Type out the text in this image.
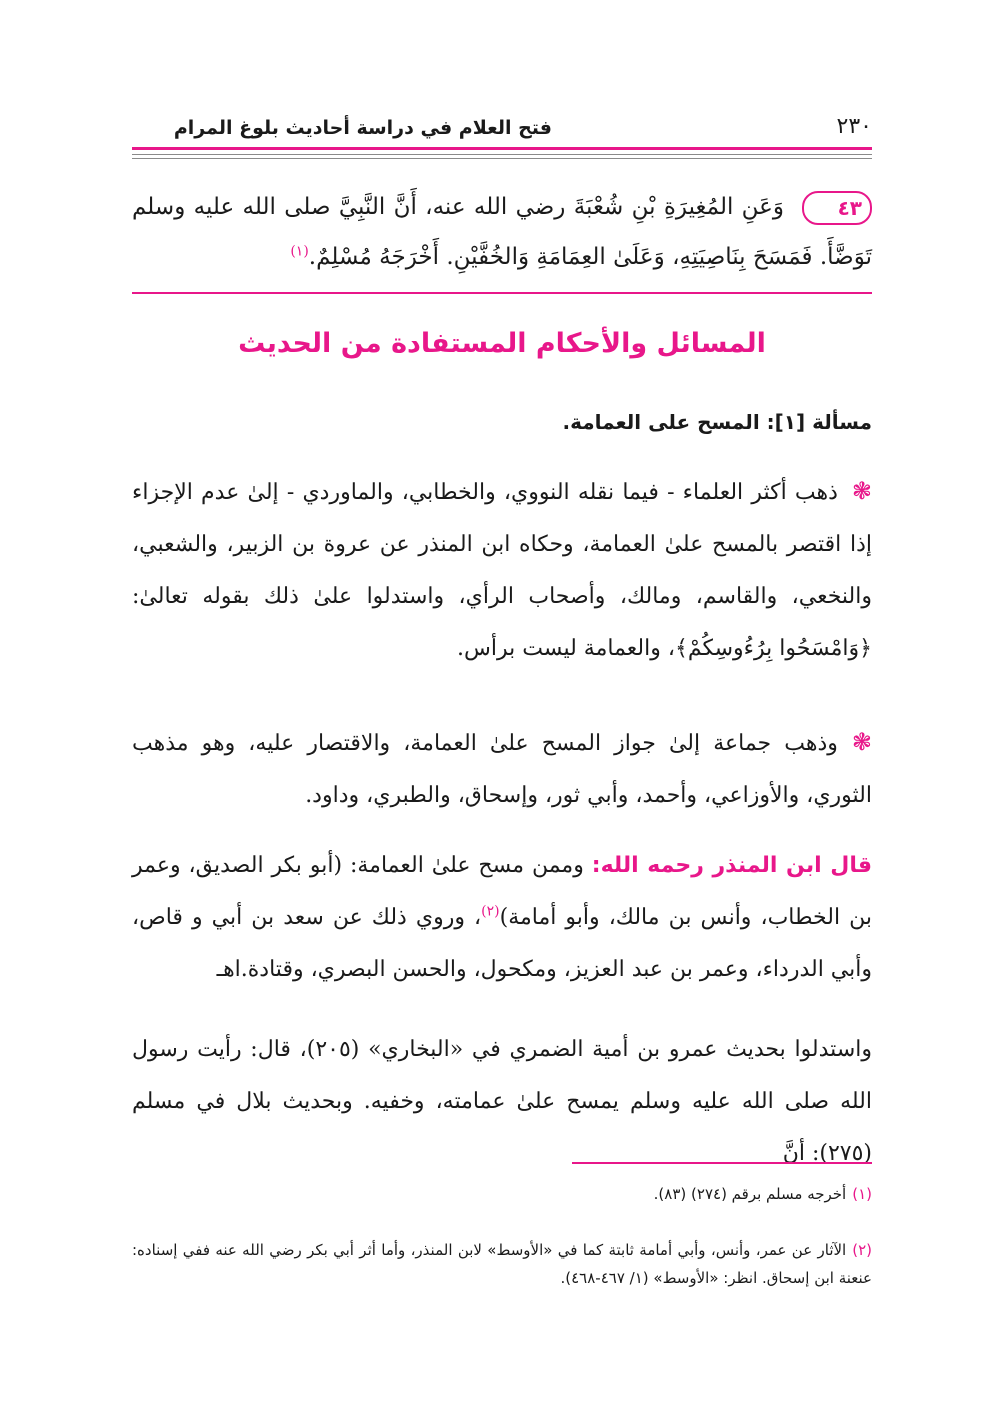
٢٣٠
فتح العلام في دراسة أحاديث بلوغ المرام
٤٣وَعَنِ المُغِيرَةِ بْنِ شُعْبَةَ رضي الله عنه، أَنَّ النَّبِيَّ صلى الله عليه وسلم تَوَضَّأَ. فَمَسَحَ بِنَاصِيَتِهِ، وَعَلَىٰ العِمَامَةِ وَالخُفَّيْنِ. أَخْرَجَهُ مُسْلِمٌ.$^{(١)}$
المسائل والأحكام المستفادة من الحديث
مسألة [١]: المسح على العمامة.
❃ذهب أكثر العلماء - فيما نقله النووي، والخطابي، والماوردي - إلىٰ عدم الإجزاء إذا اقتصر بالمسح علىٰ العمامة، وحكاه ابن المنذر عن عروة بن الزبير، والشعبي، والنخعي، والقاسم، ومالك، وأصحاب الرأي، واستدلوا علىٰ ذلك بقوله تعالىٰ: ﴿وَامْسَحُوا بِرُءُوسِكُمْ﴾، والعمامة ليست برأس.
❃وذهب جماعة إلىٰ جواز المسح علىٰ العمامة، والاقتصار عليه، وهو مذهب الثوري، والأوزاعي، وأحمد، وأبي ثور، وإسحاق، والطبري، وداود.
قال ابن المنذر رحمه الله: وممن مسح علىٰ العمامة: (أبو بكر الصديق، وعمر بن الخطاب، وأنس بن مالك، وأبو أمامة)$^{(٢)}$، وروي ذلك عن سعد بن أبي و قاص، وأبي الدرداء، وعمر بن عبد العزيز، ومكحول، والحسن البصري، وقتادة.اهـ
واستدلوا بحديث عمرو بن أمية الضمري في «البخاري» (٢٠٥)، قال: رأيت رسول الله صلى الله عليه وسلم يمسح علىٰ عمامته، وخفيه. وبحديث بلال في مسلم (٢٧٥): أنَّ
(١)أخرجه مسلم برقم (٢٧٤) (٨٣).
(٢)الآثار عن عمر، وأنس، وأبي أمامة ثابتة كما في «الأوسط» لابن المنذر، وأما أثر أبي بكر رضي الله عنه ففي إسناده: عنعنة ابن إسحاق. انظر: «الأوسط» (١/ ٤٦٧-٤٦٨).
